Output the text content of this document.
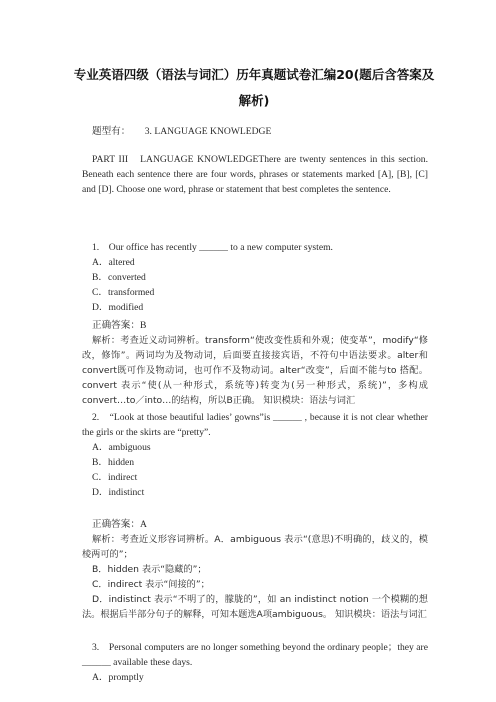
专业英语四级（语法与词汇）历年真题试卷汇编20(题后含答案及解析)

题型有：　　3. LANGUAGE KNOWLEDGE

PART III　LANGUAGE KNOWLEDGEThere are twenty sentences in this section. Beneath each sentence there are four words, phrases or statements marked [A], [B], [C] and [D]. Choose one word, phrase or statement that best completes the sentence.

1.　Our office has recently ______ to a new computer system.

A．altered

B．converted

C．transformed

D．modified

正确答案：B

解析：考查近义动词辨析。transform“使改变性质和外观；使变革”，modify“修改，修饰”。两词均为及物动词，后面要直接接宾语，不符句中语法要求。alter和convert既可作及物动词，也可作不及物动词。alter“改变”，后面不能与to 搭配。convert 表示“使(从一种形式，系统等)转变为(另一种形式，系统)”，多构成convert…to／into…的结构，所以B正确。 知识模块：语法与词汇

2.　“Look at those beautiful ladies’ gowns”is ______ , because it is not clear whether the girls or the skirts are “pretty”.

A．ambiguous

B．hidden

C．indirect

D．indistinct

正确答案：A

解析：考查近义形容词辨析。A．ambiguous 表示“(意思)不明确的，歧义的，模棱两可的”；

B．hidden 表示“隐藏的”；

C．indirect 表示“间接的”；

D．indistinct 表示“不明了的，朦胧的”，如 an indistinct notion 一个模糊的想法。根据后半部分句子的解释，可知本题选A项ambiguous。 知识模块：语法与词汇

3.　Personal computers are no longer something beyond the ordinary people；they are ______ available these days.

A．promptly
